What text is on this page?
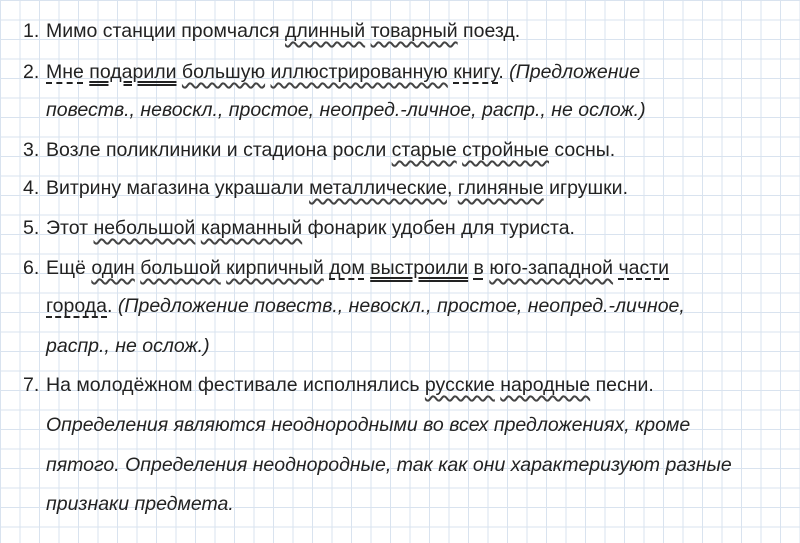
1. Мимо станции промчался длинный товарный поезд.
2. Мне подарили большую иллюстрированную книгу. (Предложение
повеств., невоскл., простое, неопред.-личное, распр., не ослож.)
3. Возле поликлиники и стадиона росли старые стройные сосны.
4. Витрину магазина украшали металлические, глиняные игрушки.
5. Этот небольшой карманный фонарик удобен для туриста.
6. Ещё один большой кирпичный дом выстроили в юго-западной части
города. (Предложение повеств., невоскл., простое, неопред.-личное,
распр., не ослож.)
7. На молодёжном фестивале исполнялись русские народные песни.
Определения являются неоднородными во всех предложениях, кроме
пятого. Определения неоднородные, так как они характеризуют разные
признаки предмета.
